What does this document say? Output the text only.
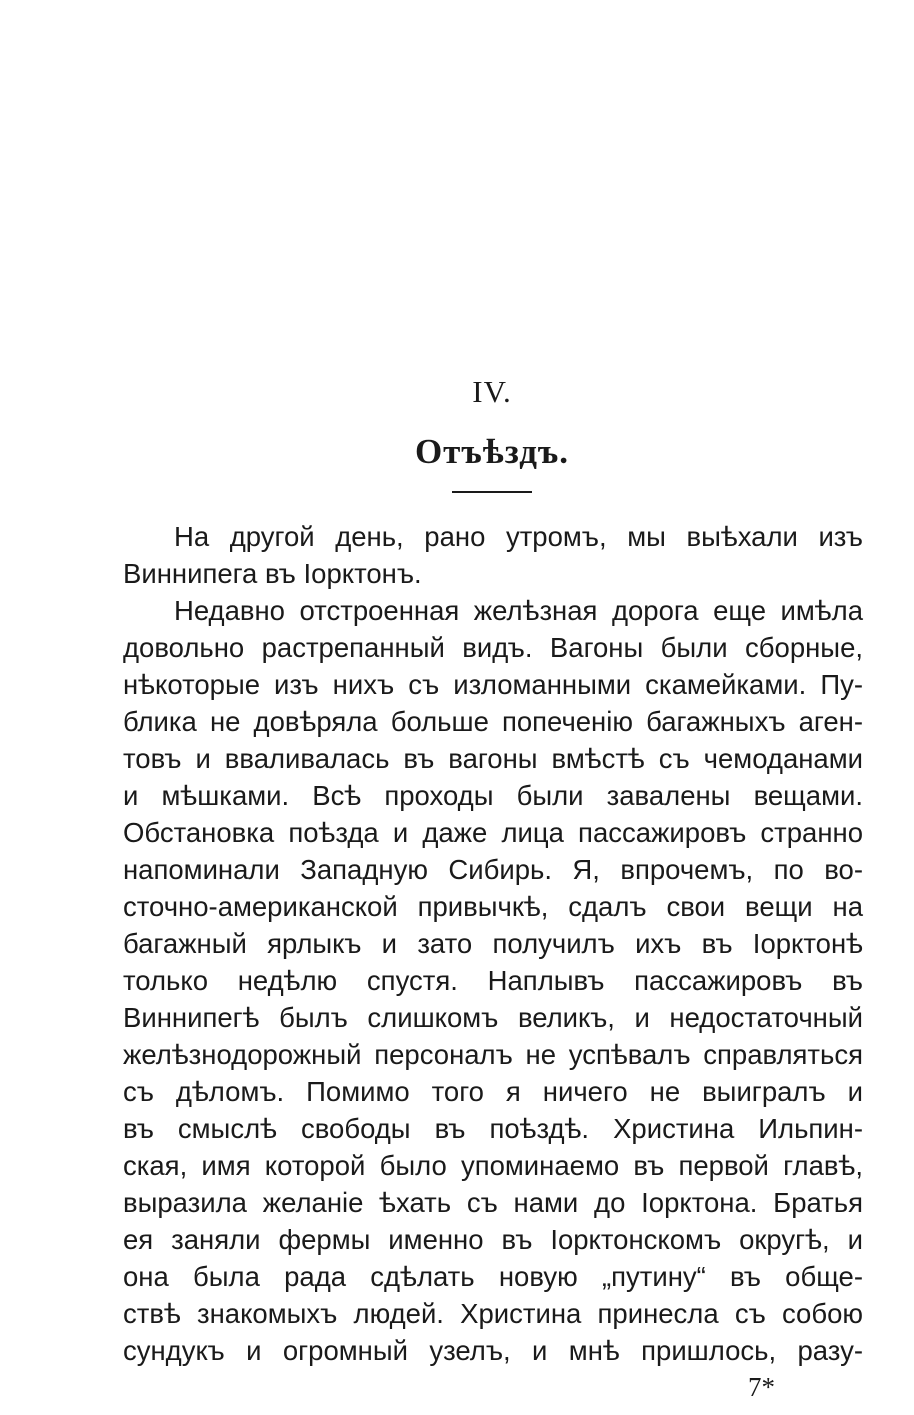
IV.
Отъѣздъ.
На другой день, рано утромъ, мы выѣхали изъ
Виннипега въ Іорктонъ.
Недавно отстроенная желѣзная дорога еще имѣла
довольно растрепанный видъ. Вагоны были сборные,
нѣкоторые изъ нихъ съ изломанными скамейками. Пу-
блика не довѣряла больше попеченію багажныхъ аген-
товъ и вваливалась въ вагоны вмѣстѣ съ чемоданами
и мѣшками. Всѣ проходы были завалены вещами.
Обстановка поѣзда и даже лица пассажировъ странно
напоминали Западную Сибирь. Я, впрочемъ, по во-
сточно-американской привычкѣ, сдалъ свои вещи на
багажный ярлыкъ и зато получилъ ихъ въ Іорктонѣ
только недѣлю спустя. Наплывъ пассажировъ въ
Виннипегѣ былъ слишкомъ великъ, и недостаточный
желѣзнодорожный персоналъ не успѣвалъ справляться
съ дѣломъ. Помимо того я ничего не выигралъ и
въ смыслѣ свободы въ поѣздѣ. Христина Ильпин-
ская, имя которой было упоминаемо въ первой главѣ,
выразила желаніе ѣхать съ нами до Іорктона. Братья
ея заняли фермы именно въ Іорктонскомъ округѣ, и
она была рада сдѣлать новую „путину“ въ обще-
ствѣ знакомыхъ людей. Христина принесла съ собою
сундукъ и огромный узелъ, и мнѣ пришлось, разу-
7*
